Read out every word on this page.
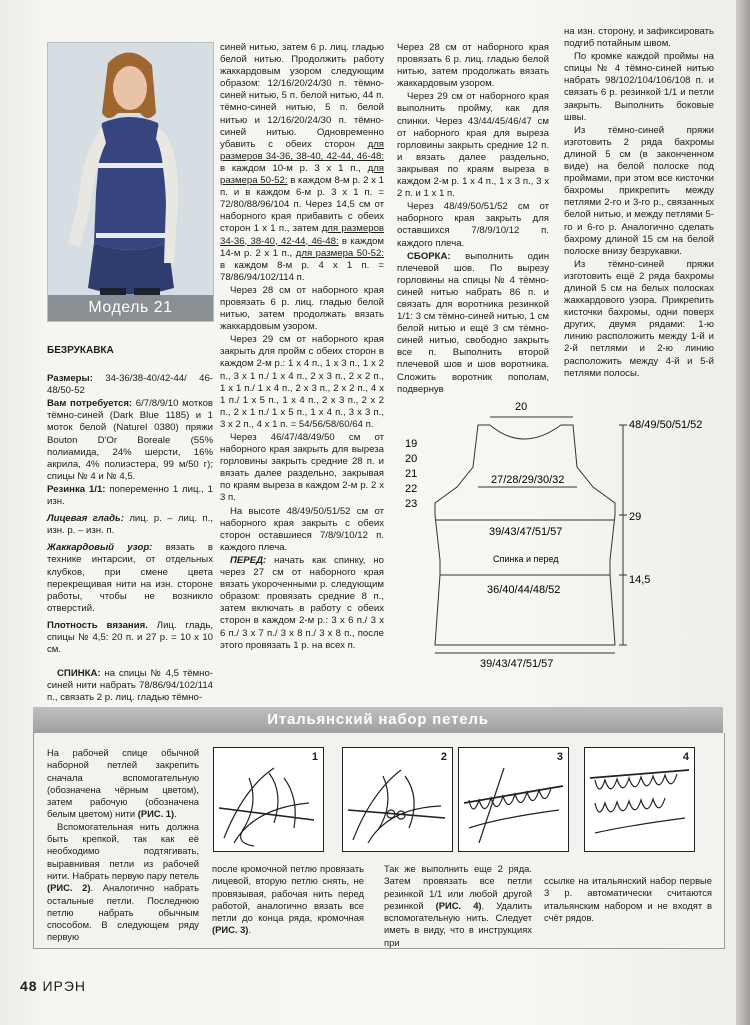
Модель 21

БЕЗРУКАВКА

Размеры: 34-36/38-40/42-44/ 46-48/50-52

Вам потребуется: 6/7/8/9/10 мотков тёмно-синей (Dark Blue 1185) и 1 моток белой (Naturel 0380) пряжи Bouton D'Or Boreale (55% полиамида, 24% шерсти, 16% акрила, 4% полиэстера, 99 м/50 г); спицы № 4 и № 4,5.

Резинка 1/1: попеременно 1 лиц., 1 изн.

Лицевая гладь: лиц. р. – лиц. п., изн. р. – изн. п.

Жаккардовый узор: вязать в технике интарсии, от отдельных клубков, при смене цвета перекрещивая нити на изн. стороне работы, чтобы не возникло отверстий.

Плотность вязания. Лиц. гладь, спицы № 4,5: 20 п. и 27 р. = 10 х 10 см.

СПИНКА: на спицы № 4,5 тёмно-синей нити набрать 78/86/94/102/114 п., связать 2 р. лиц. гладью тёмно-

синей нитью, затем 6 р. лиц. гладью белой нитью. Продолжить работу жаккардовым узором следующим образом: 12/16/20/24/30 п. тёмно-синей нитью, 5 п. белой нитью, 44 п. тёмно-синей нитью, 5 п. белой нитью и 12/16/20/24/30 п. тёмно-синей нитью. Одновременно убавить с обеих сторон для размеров 34-36, 38-40, 42-44, 46-48: в каждом 10-м р. 3 х 1 п., для размера 50-52: в каждом 8-м р. 2 х 1 п. и в каждом 6-м р. 3 х 1 п. = 72/80/88/96/104 п. Через 14,5 см от наборного края прибавить с обеих сторон 1 х 1 п., затем для размеров 34-36, 38-40, 42-44, 46-48: в каждом 14-м р. 2 х 1 п., для размера 50-52: в каждом 8-м р. 4 х 1 п. = 78/86/94/102/114 п.

Через 28 см от наборного края провязать 6 р. лиц. гладью белой нитью, затем продолжать вязать жаккардовым узором.

Через 29 см от наборного края закрыть для пройм с обеих сторон в каждом 2-м р.: 1 х 4 п., 1 х 3 п., 1 х 2 п., 3 х 1 п./ 1 х 4 п., 2 х 3 п., 2 х 2 п., 1 х 1 п./ 1 х 4 п., 2 х 3 п., 2 х 2 п., 4 х 1 п./ 1 х 5 п., 1 х 4 п., 2 х 3 п., 2 х 2 п., 2 х 1 п./ 1 х 5 п., 1 х 4 п., 3 х 3 п., 3 х 2 п., 4 х 1 п. = 54/56/58/60/64 п.

Через 46/47/48/49/50 см от наборного края закрыть для выреза горловины закрыть средние 28 п. и вязать далее раздельно, закрывая по краям выреза в каждом 2-м р. 2 х 3 п.

На высоте 48/49/50/51/52 см от наборного края закрыть с обеих сторон оставшиеся 7/8/9/10/12 п. каждого плеча.

ПЕРЕД: начать как спинку, но через 27 см от наборного края вязать укороченными р. следующим образом: провязать средние 8 п., затем включать в работу с обеих сторон в каждом 2-м р.: 3 х 6 п./ 3 х 6 п./ 3 х 7 п./ 3 х 8 п./ 3 х 8 п., после этого провязать 1 р. на всех п.

Через 28 см от наборного края провязать 6 р. лиц. гладью белой нитью, затем продолжать вязать жаккардовым узором.

Через 29 см от наборного края выполнить пройму, как для спинки. Через 43/44/45/46/47 см от наборного края для выреза горловины закрыть средние 12 п. и вязать далее раздельно, закрывая по краям выреза в каждом 2-м р. 1 х 4 п., 1 х 3 п., 3 х 2 п. и 1 х 1 п.

Через 48/49/50/51/52 см от наборного края закрыть для оставшихся 7/8/9/10/12 п. каждого плеча.

СБОРКА: выполнить один плечевой шов. По вырезу горловины на спицы № 4 тёмно-синей нитью набрать 86 п. и связать для воротника резинкой 1/1: 3 см тёмно-синей нитью, 1 см белой нитью и ещё 3 см тёмно-синей нитью, свободно закрыть все п. Выполнить второй плечевой шов и шов воротника. Сложить воротник пополам, подвернув

на изн. сторону, и зафиксировать подгиб потайным швом.

По кромке каждой проймы на спицы № 4 тёмно-синей нитью набрать 98/102/104/106/108 п. и связать 6 р. резинкой 1/1 и петли закрыть. Выполнить боковые швы.

Из тёмно-синей пряжи изготовить 2 ряда бахромы длиной 5 см (в законченном виде) на белой полоске под проймами, при этом все кисточки бахромы прикрепить между петлями 2-го и 3-го р., связанных белой нитью, и между петлями 5-го и 6-го р. Аналогично сделать бахрому длиной 15 см на белой полоске внизу безрукавки.

Из тёмно-синей пряжи изготовить ещё 2 ряда бахромы длиной 5 см на белых полосках жаккардового узора. Прикрепить кисточки бахромы, одни поверх других, двумя рядами: 1-ю линию расположить между 1-й и 2-й петлями и 2-ю линию расположить между 4-й и 5-й петлями полосы.

20
48/49/50/51/52
19
20
21
22
23
27/28/29/30/32
29
39/43/47/51/57
Спинка и перед
14,5
36/40/44/48/52
39/43/47/51/57
Итальянский набор петель
1	2	3	4

На рабочей спице обычной наборной петлей закрепить сначала вспомогательную (обозначена чёрным цветом), затем рабочую (обозначена белым цветом) нити (РИС. 1).

Вспомогательная нить должна быть крепкой, так как её необходимо подтягивать, выравнивая петли из рабочей нити. Набрать первую пару петель (РИС. 2). Аналогично набрать остальные петли. Последнюю петлю набрать обычным способом. В следующем ряду первую

после кромочной петлю провязать лицевой, вторую петлю снять, не провязывая, рабочая нить перед работой, аналогично вязать все петли до конца ряда, кромочная (РИС. 3).

Так же выполнить еще 2 ряда. Затем провязать все петли резинкой 1/1 или любой другой резинкой (РИС. 4). Удалить вспомогательную нить. Следует иметь в виду, что в инструкциях при

ссылке на итальянский набор первые 3 р. автоматически считаются итальянским набором и не входят в счёт рядов.

48 ИРЭН
